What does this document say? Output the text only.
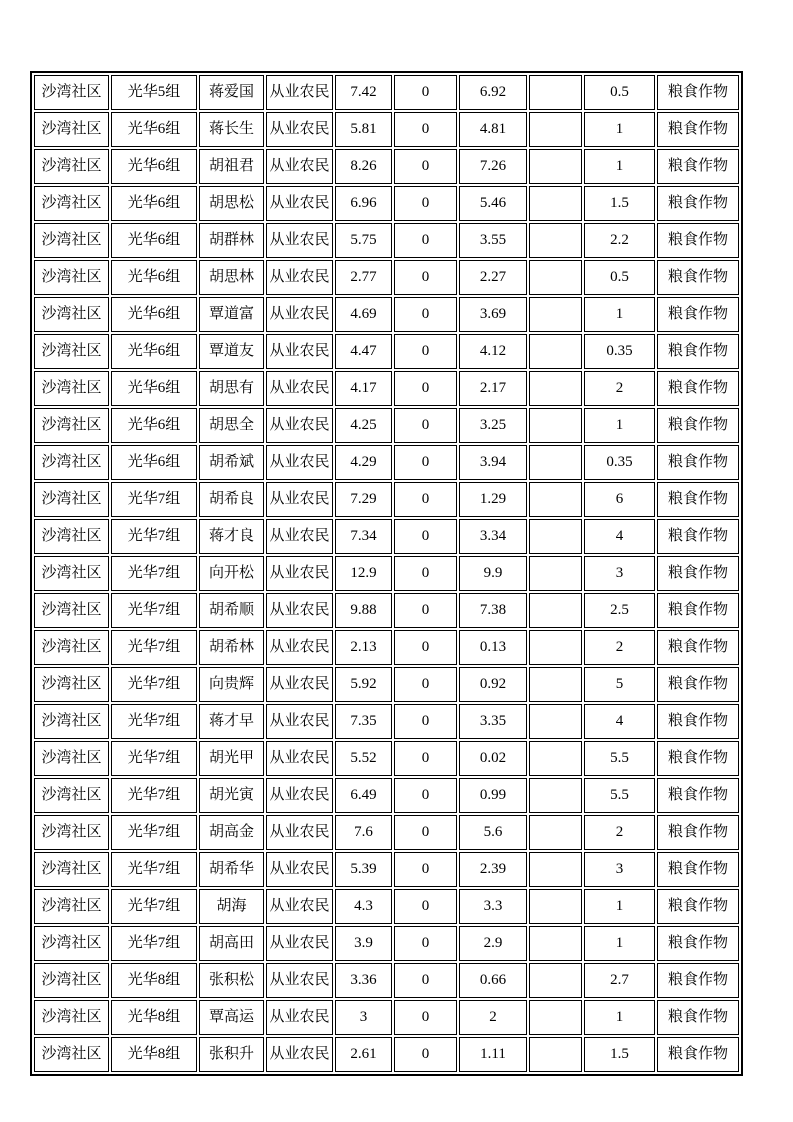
沙湾社区	光华5组	蒋爱国	从业农民	7.42	0	6.92		0.5	粮食作物
沙湾社区	光华6组	蒋长生	从业农民	5.81	0	4.81		1	粮食作物
沙湾社区	光华6组	胡祖君	从业农民	8.26	0	7.26		1	粮食作物
沙湾社区	光华6组	胡思松	从业农民	6.96	0	5.46		1.5	粮食作物
沙湾社区	光华6组	胡群林	从业农民	5.75	0	3.55		2.2	粮食作物
沙湾社区	光华6组	胡思林	从业农民	2.77	0	2.27		0.5	粮食作物
沙湾社区	光华6组	覃道富	从业农民	4.69	0	3.69		1	粮食作物
沙湾社区	光华6组	覃道友	从业农民	4.47	0	4.12		0.35	粮食作物
沙湾社区	光华6组	胡思有	从业农民	4.17	0	2.17		2	粮食作物
沙湾社区	光华6组	胡思全	从业农民	4.25	0	3.25		1	粮食作物
沙湾社区	光华6组	胡希斌	从业农民	4.29	0	3.94		0.35	粮食作物
沙湾社区	光华7组	胡希良	从业农民	7.29	0	1.29		6	粮食作物
沙湾社区	光华7组	蒋才良	从业农民	7.34	0	3.34		4	粮食作物
沙湾社区	光华7组	向开松	从业农民	12.9	0	9.9		3	粮食作物
沙湾社区	光华7组	胡希顺	从业农民	9.88	0	7.38		2.5	粮食作物
沙湾社区	光华7组	胡希林	从业农民	2.13	0	0.13		2	粮食作物
沙湾社区	光华7组	向贵辉	从业农民	5.92	0	0.92		5	粮食作物
沙湾社区	光华7组	蒋才早	从业农民	7.35	0	3.35		4	粮食作物
沙湾社区	光华7组	胡光甲	从业农民	5.52	0	0.02		5.5	粮食作物
沙湾社区	光华7组	胡光寅	从业农民	6.49	0	0.99		5.5	粮食作物
沙湾社区	光华7组	胡高金	从业农民	7.6	0	5.6		2	粮食作物
沙湾社区	光华7组	胡希华	从业农民	5.39	0	2.39		3	粮食作物
沙湾社区	光华7组	胡海	从业农民	4.3	0	3.3		1	粮食作物
沙湾社区	光华7组	胡高田	从业农民	3.9	0	2.9		1	粮食作物
沙湾社区	光华8组	张积松	从业农民	3.36	0	0.66		2.7	粮食作物
沙湾社区	光华8组	覃高运	从业农民	3	0	2		1	粮食作物
沙湾社区	光华8组	张积升	从业农民	2.61	0	1.11		1.5	粮食作物
